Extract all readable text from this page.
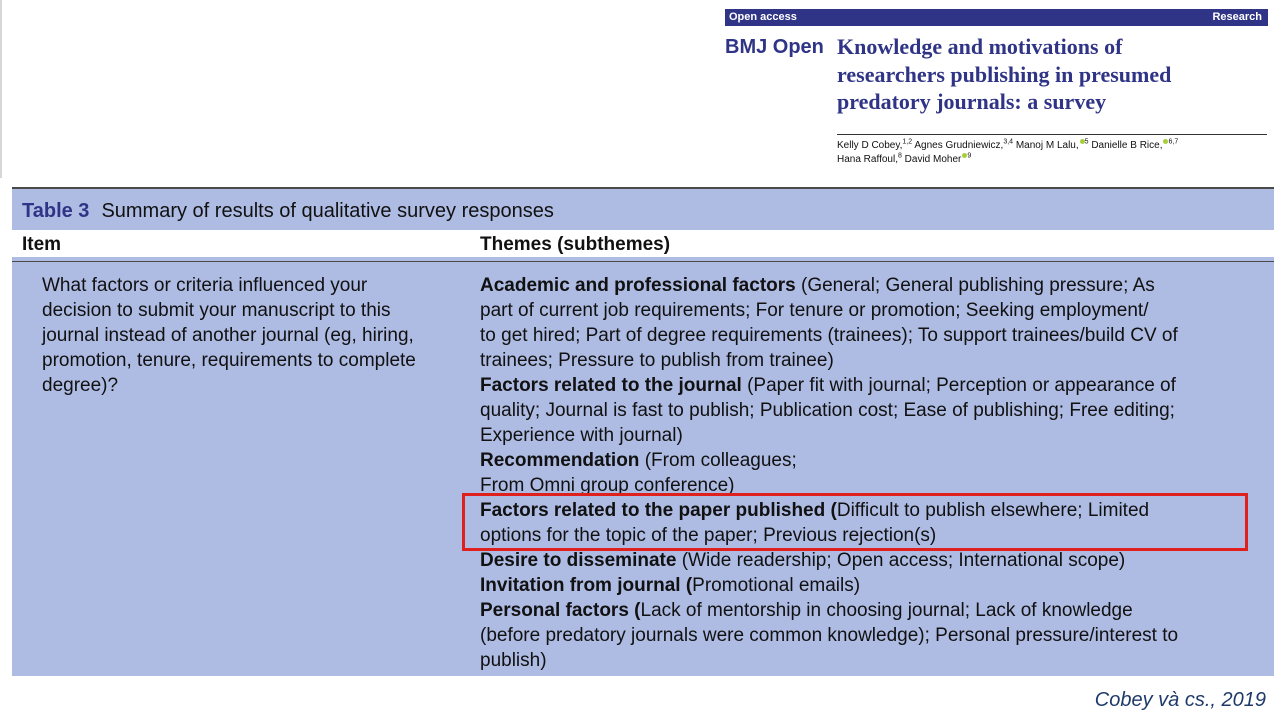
Open access	Research
BMJ Open Knowledge and motivations of
researchers publishing in presumed
predatory journals: a survey
Kelly D Cobey,$^{1,2}$ Agnes Grudniewicz,$^{3,4}$ Manoj M Lalu, $^5$ Danielle B Rice, $^{6,7}$
Hana Raffoul,$^8$ David Moher $^9$
Table 3 Summary of results of qualitative survey responses
Item	Themes (subthemes)
What factors or criteria influenced your
decision to submit your manuscript to this
journal instead of another journal (eg, hiring,
promotion, tenure, requirements to complete
degree)?
Academic and professional factors (General; General publishing pressure; As
part of current job requirements; For tenure or promotion; Seeking employment/
to get hired; Part of degree requirements (trainees); To support trainees/build CV of
trainees; Pressure to publish from trainee)
Factors related to the journal (Paper fit with journal; Perception or appearance of
quality; Journal is fast to publish; Publication cost; Ease of publishing; Free editing;
Experience with journal)
Recommendation (From colleagues;
From Omni group conference)
Factors related to the paper published (Difficult to publish elsewhere; Limited
options for the topic of the paper; Previous rejection(s)
Desire to disseminate (Wide readership; Open access; International scope)
Invitation from journal (Promotional emails)
Personal factors (Lack of mentorship in choosing journal; Lack of knowledge
(before predatory journals were common knowledge); Personal pressure/interest to
publish)
Cobey và cs., 2019
